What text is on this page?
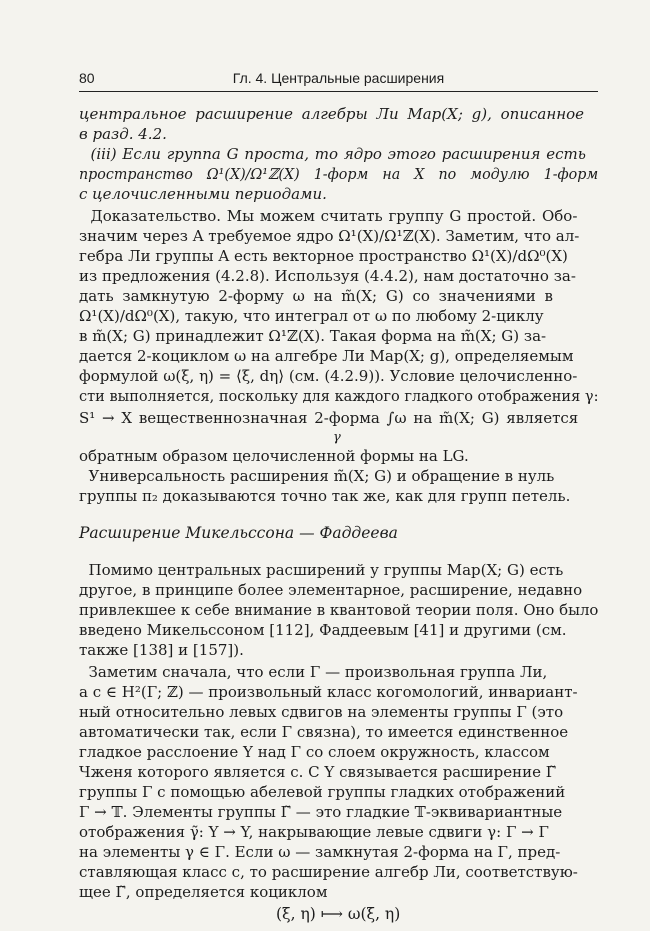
80	Гл. 4. Центральные расширения
центральное расширение алгебры Ли Map(X; g), описанное
в разд. 4.2.
(iii) Если группа G проста, то ядро этого расширения есть
пространство Ω¹(X)/Ω¹ℤ(X) 1-форм на X по модулю 1-форм
с целочисленными периодами.
Доказательство. Мы можем считать группу G простой. Обо-
значим через A требуемое ядро Ω¹(X)/Ω¹ℤ(X). Заметим, что ал-
гебра Ли группы A есть векторное пространство Ω¹(X)/dΩ⁰(X)
из предложения (4.2.8). Используя (4.4.2), нам достаточно за-
дать замкнутую 2-форму ω на m̃(X; G) со значениями в
Ω¹(X)/dΩ⁰(X), такую, что интеграл от ω по любому 2-циклу
в m̃(X; G) принадлежит Ω¹ℤ(X). Такая форма на m̃(X; G) за-
дается 2-коциклом ω на алгебре Ли Map(X; g), определяемым
формулой ω(ξ, η) = ⟨ξ, dη⟩ (см. (4.2.9)). Условие целочисленно-
сти выполняется, поскольку для каждого гладкого отображения γ:
S¹ → X вещественнозначная 2-форма ∫ω на m̃(X; G) является
γ
обратным образом целочисленной формы на LG.
Универсальность расширения m̃(X; G) и обращение в нуль
группы π₂ доказываются точно так же, как для групп петель.
Расширение Микельссона — Фаддеева
Помимо центральных расширений у группы Map(X; G) есть
другое, в принципе более элементарное, расширение, недавно
привлекшее к себе внимание в квантовой теории поля. Оно было
введено Микельссоном [112], Фаддеевым [41] и другими (см.
также [138] и [157]).
Заметим сначала, что если Γ — произвольная группа Ли,
а c ∈ H²(Γ; ℤ) — произвольный класс когомологий, инвариант-
ный относительно левых сдвигов на элементы группы Γ (это
автоматически так, если Γ связна), то имеется единственное
гладкое расслоение Y над Γ со слоем окружность, классом
Чженя которого является c. С Y связывается расширение Γ̃
группы Γ с помощью абелевой группы гладких отображений
Γ → 𝕋. Элементы группы Γ̃ — это гладкие 𝕋-эквивариантные
отображения γ̃: Y → Y, накрывающие левые сдвиги γ: Γ → Γ
на элементы γ ∈ Γ. Если ω — замкнутая 2-форма на Γ, пред-
ставляющая класс c, то расширение алгебр Ли, соответствую-
щее Γ̃, определяется коциклом
(ξ, η) ⟼ ω(ξ, η)
